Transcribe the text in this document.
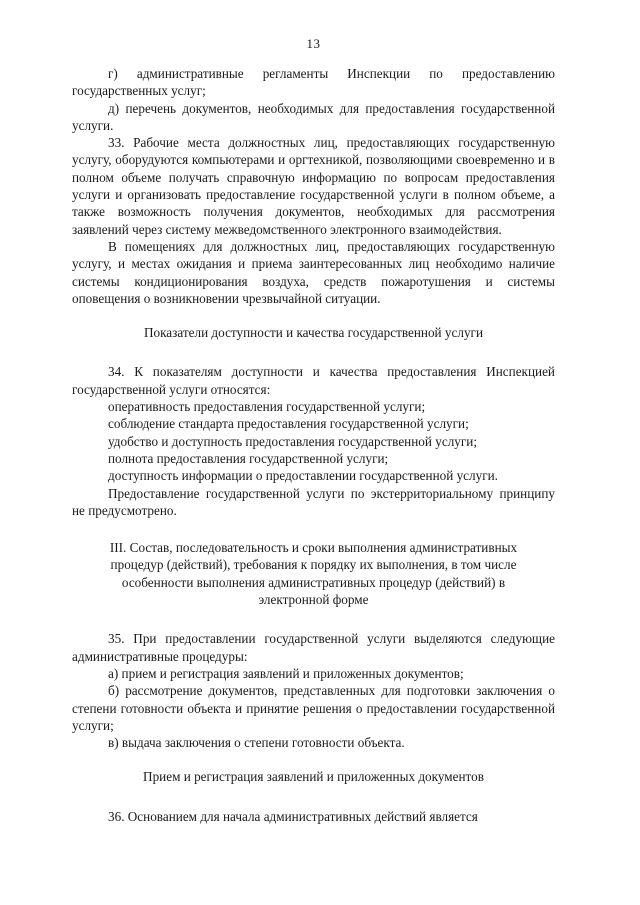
13

г) административные регламенты Инспекции по предоставлению государственных услуг;

д) перечень документов, необходимых для предоставления государственной услуги.

33. Рабочие места должностных лиц, предоставляющих государственную услугу, оборудуются компьютерами и оргтехникой, позволяющими своевременно и в полном объеме получать справочную информацию по вопросам предоставления услуги и организовать предоставление государственной услуги в полном объеме, а также возможность получения документов, необходимых для рассмотрения заявлений через систему межведомственного электронного взаимодействия.

В помещениях для должностных лиц, предоставляющих государственную услугу, и местах ожидания и приема заинтересованных лиц необходимо наличие системы кондиционирования воздуха, средств пожаротушения и системы оповещения о возникновении чрезвычайной ситуации.

Показатели доступности и качества государственной услуги

34. К показателям доступности и качества предоставления Инспекцией государственной услуги относятся:

оперативность предоставления государственной услуги;

соблюдение стандарта предоставления государственной услуги;

удобство и доступность предоставления государственной услуги;

полнота предоставления государственной услуги;

доступность информации о предоставлении государственной услуги.

Предоставление государственной услуги по экстерриториальному принципу не предусмотрено.

III. Состав, последовательность и сроки выполнения административных

процедур (действий), требования к порядку их выполнения, в том числе

особенности выполнения административных процедур (действий) в

электронной форме

35. При предоставлении государственной услуги выделяются следующие административные процедуры:

а) прием и регистрация заявлений и приложенных документов;

б) рассмотрение документов, представленных для подготовки заключения о степени готовности объекта и принятие решения о предоставлении государственной услуги;

в) выдача заключения о степени готовности объекта.

Прием и регистрация заявлений и приложенных документов

36. Основанием для начала административных действий является
